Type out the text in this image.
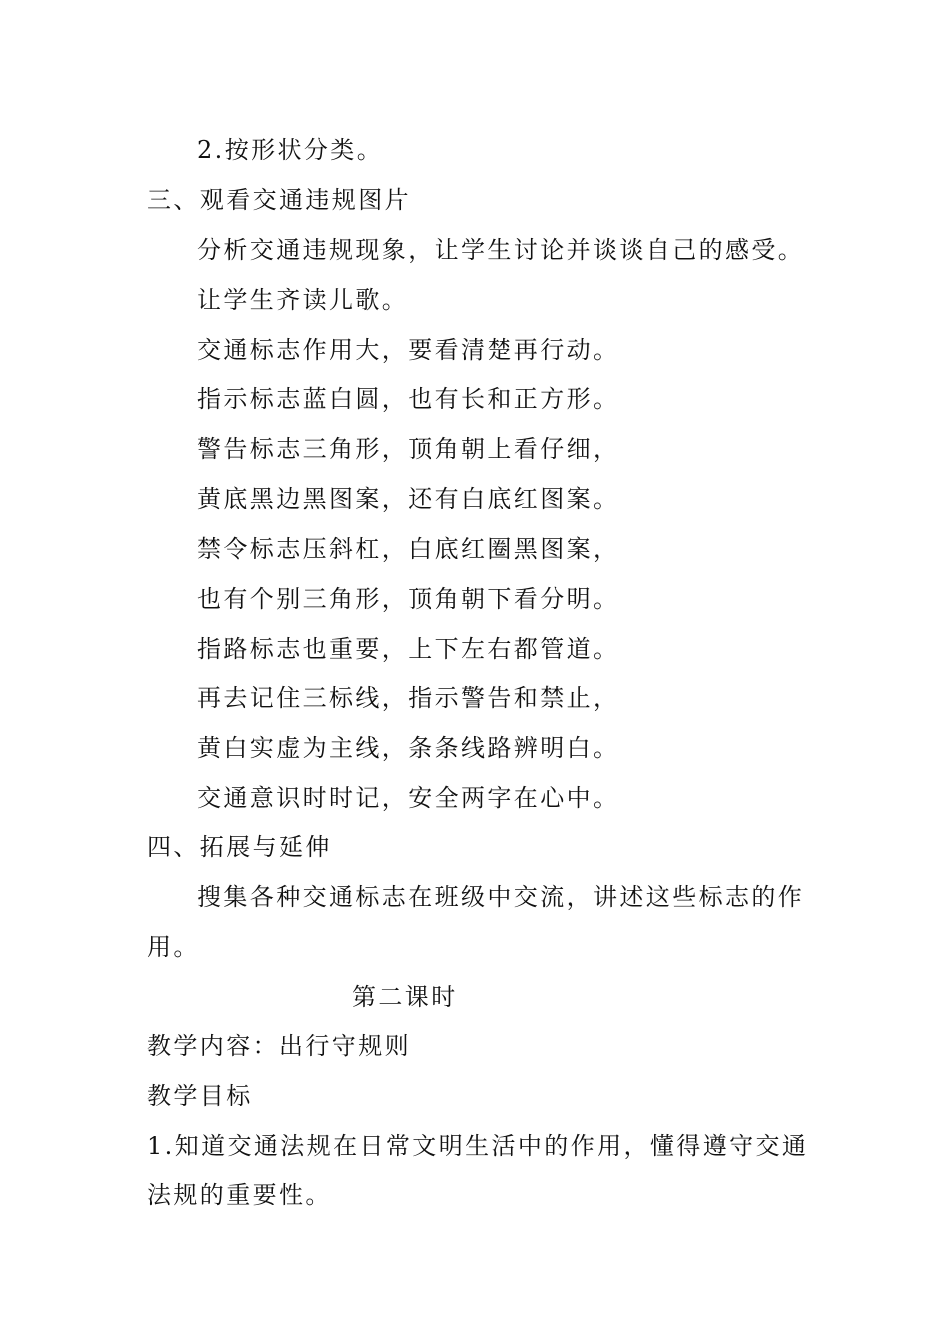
2.按形状分类。
三、观看交通违规图片
分析交通违规现象，让学生讨论并谈谈自己的感受。
让学生齐读儿歌。
交通标志作用大，要看清楚再行动。
指示标志蓝白圆，也有长和正方形。
警告标志三角形，顶角朝上看仔细，
黄底黑边黑图案，还有白底红图案。
禁令标志压斜杠，白底红圈黑图案，
也有个别三角形，顶角朝下看分明。
指路标志也重要，上下左右都管道。
再去记住三标线，指示警告和禁止，
黄白实虚为主线，条条线路辨明白。
交通意识时时记，安全两字在心中。
四、拓展与延伸
搜集各种交通标志在班级中交流，讲述这些标志的作
用。
第二课时
教学内容：出行守规则
教学目标
1.知道交通法规在日常文明生活中的作用，懂得遵守交通
法规的重要性。
